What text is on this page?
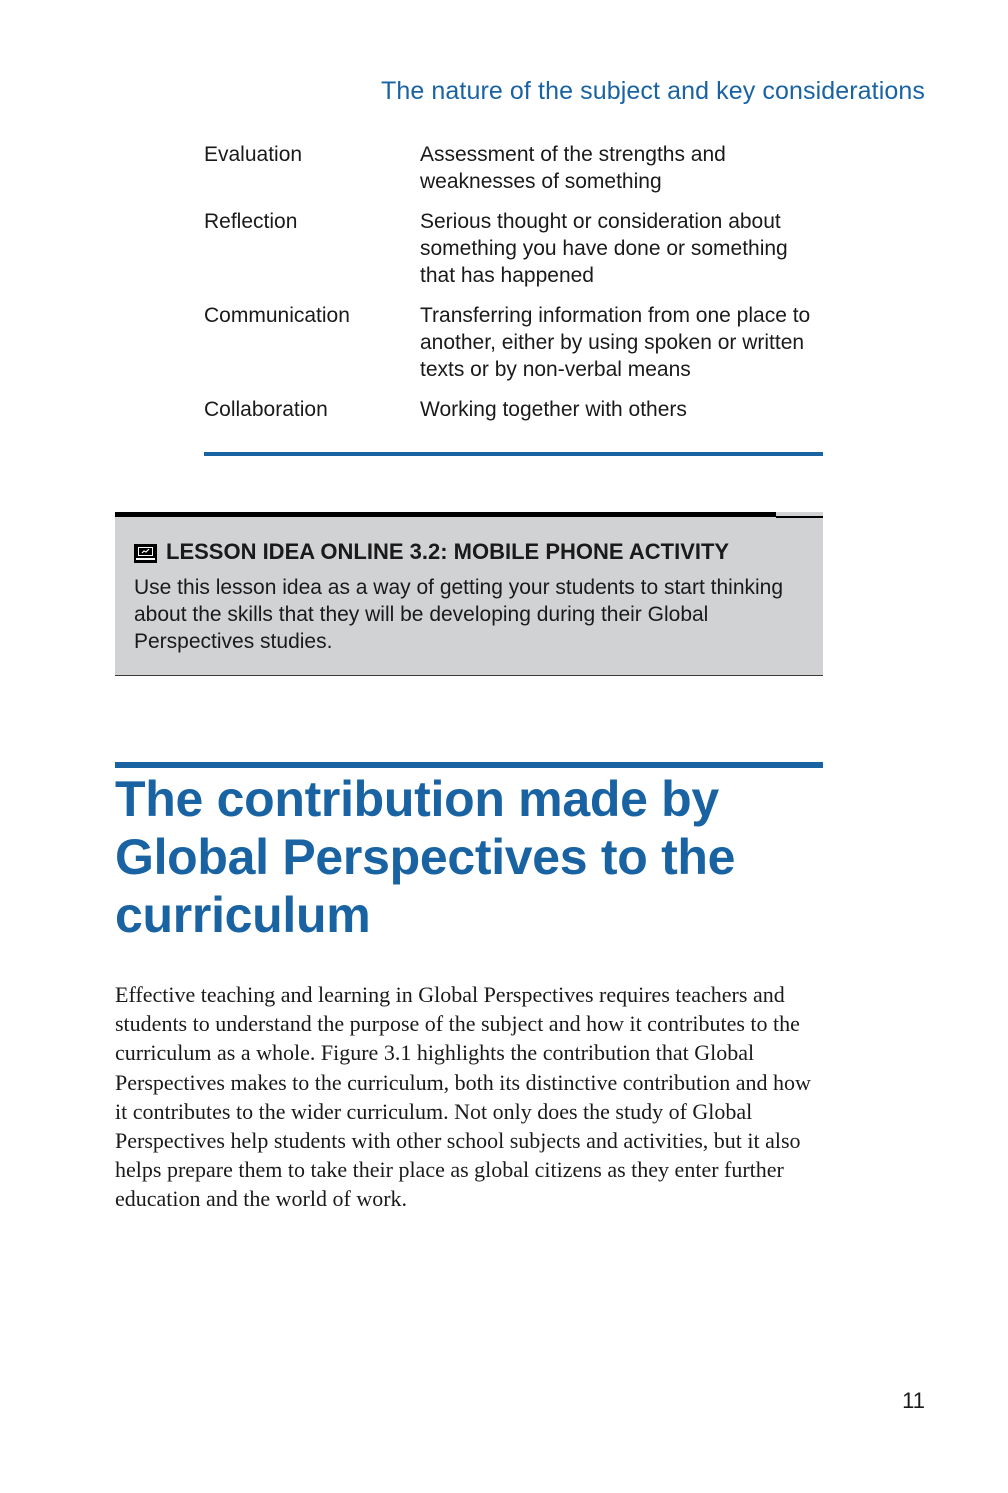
The nature of the subject and key considerations
Evaluation	Assessment of the strengths and weaknesses of something
Reflection	Serious thought or consideration about something you have done or something that has happened
Communication	Transferring information from one place to another, either by using spoken or written texts or by non-verbal means
Collaboration	Working together with others
LESSON IDEA ONLINE 3.2: MOBILE PHONE ACTIVITY
Use this lesson idea as a way of getting your students to start thinking about the skills that they will be developing during their Global Perspectives studies.
The contribution made by Global Perspectives to the curriculum

Effective teaching and learning in Global Perspectives requires teachers and students to understand the purpose of the subject and how it contributes to the curriculum as a whole. Figure 3.1 highlights the contribution that Global Perspectives makes to the curriculum, both its distinctive contribution and how it contributes to the wider curriculum. Not only does the study of Global Perspectives help students with other school subjects and activities, but it also helps prepare them to take their place as global citizens as they enter further education and the world of work.

11
